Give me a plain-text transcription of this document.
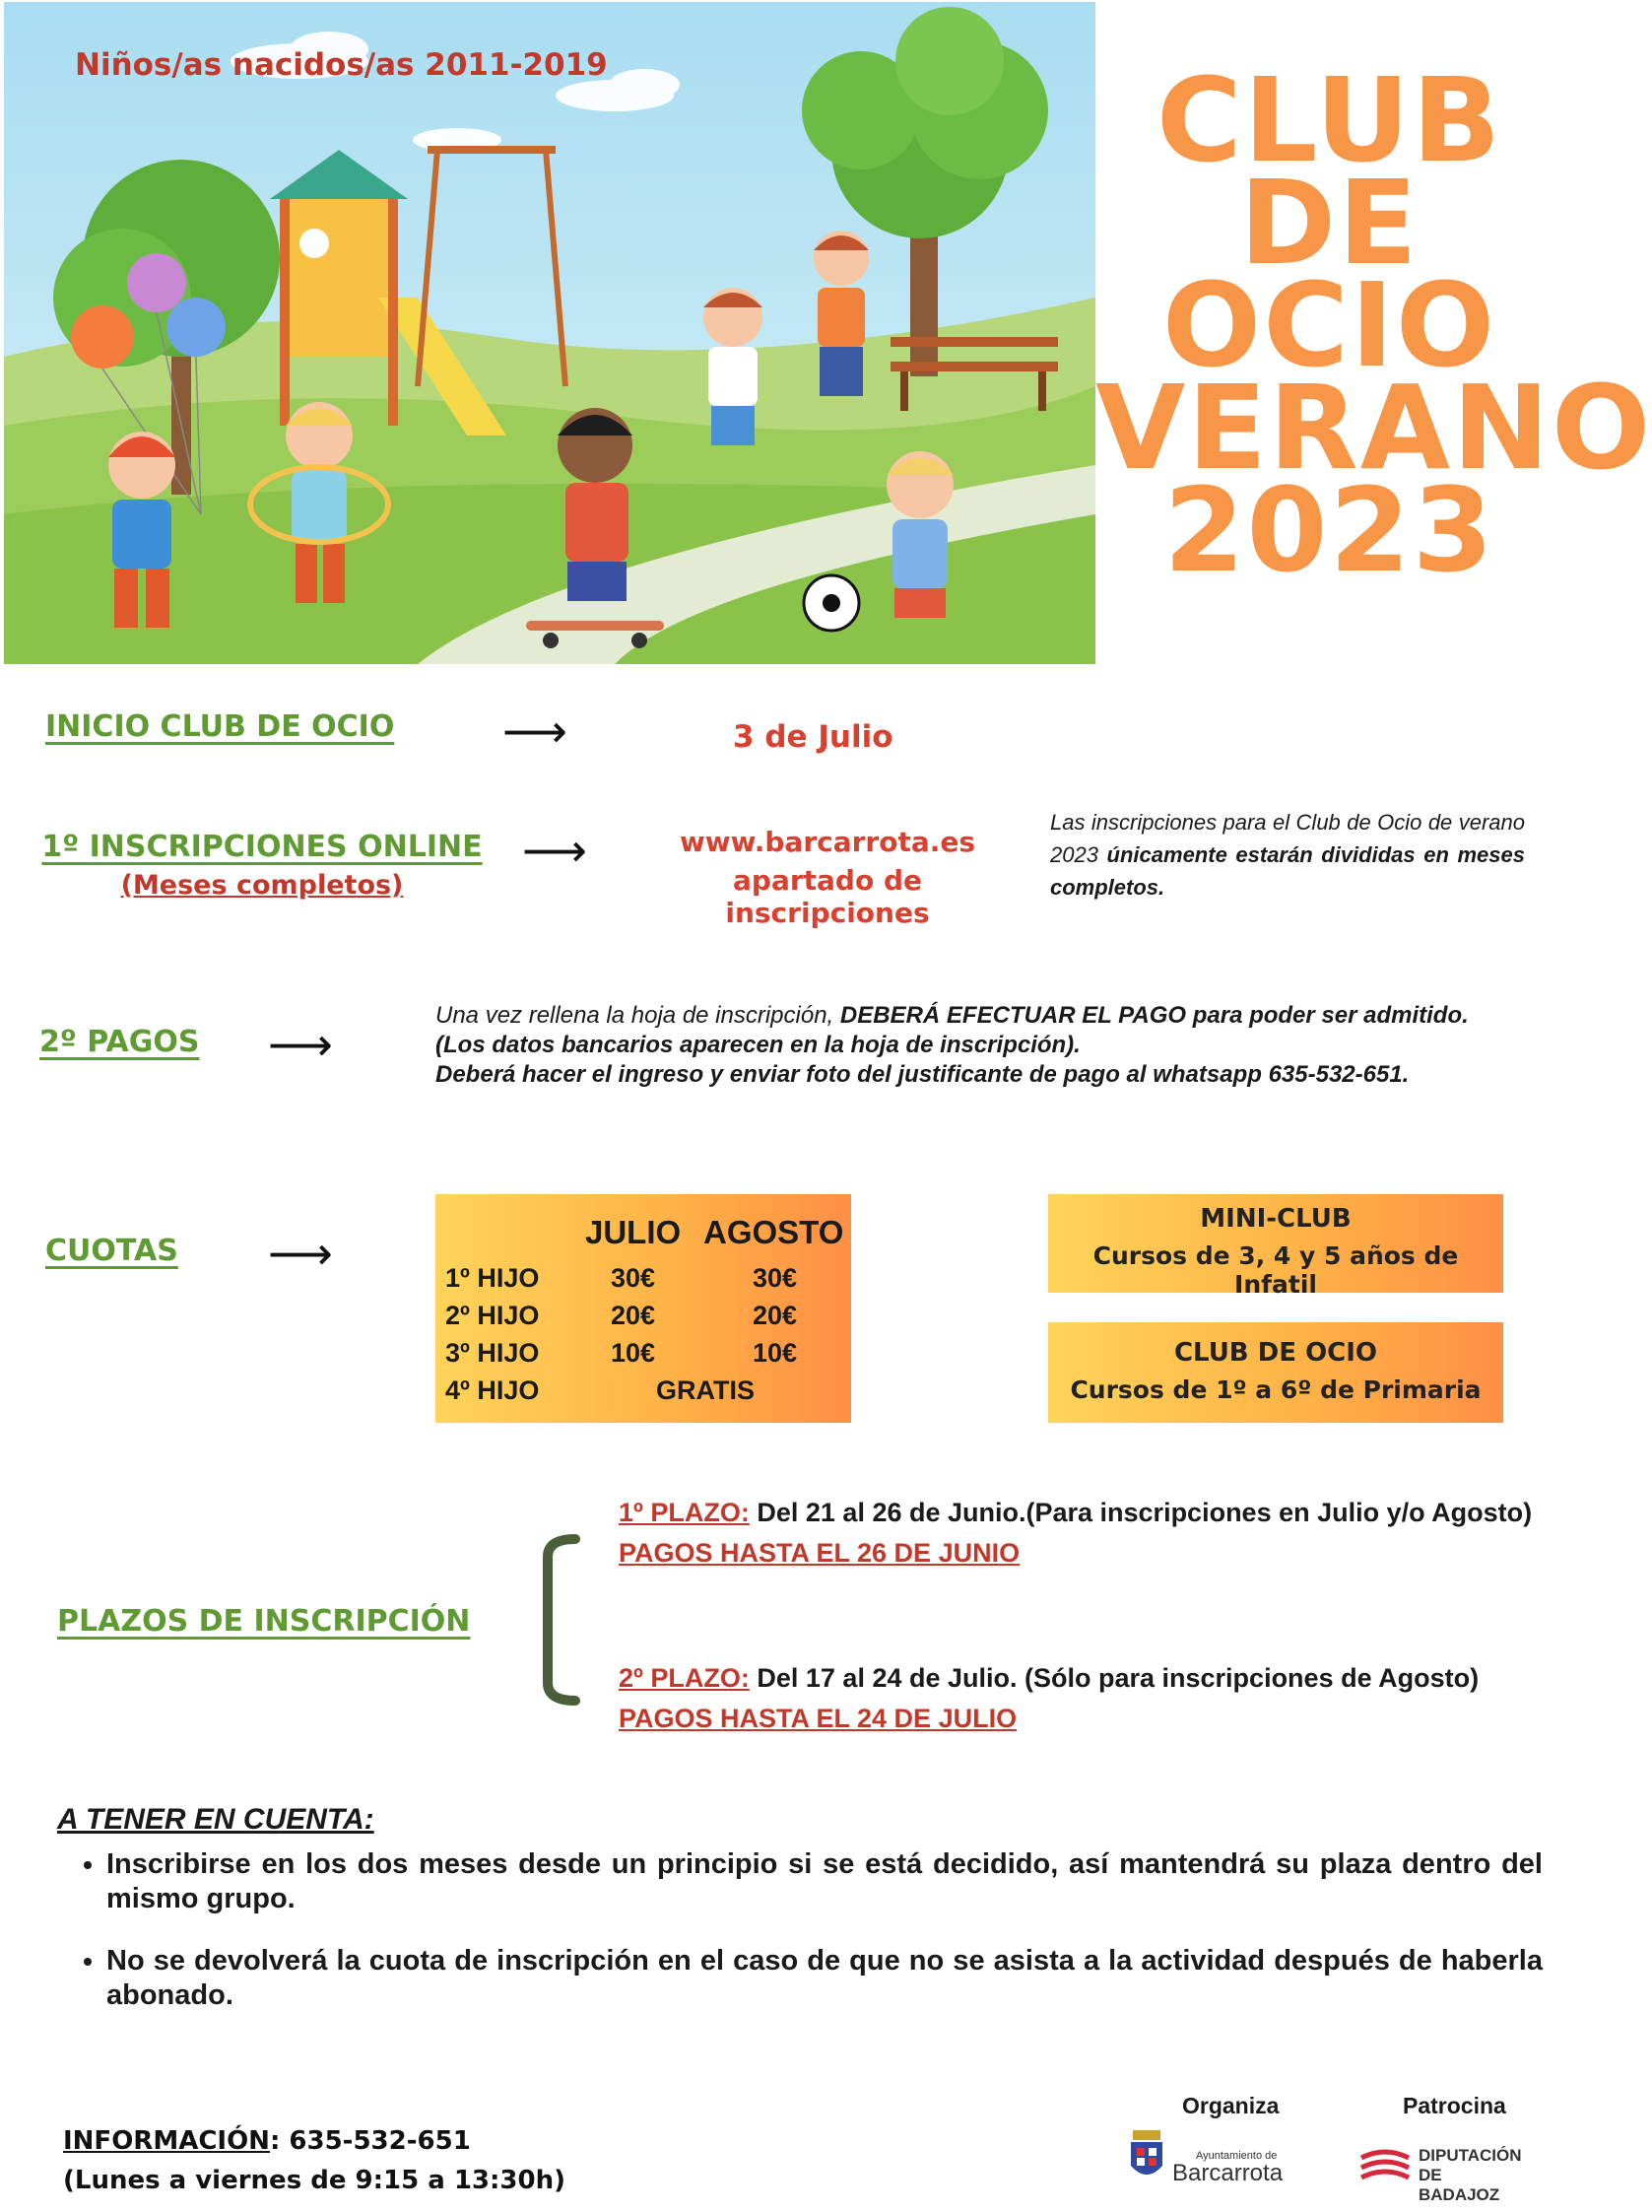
Niños/as nacidos/as 2011-2019	CLUB
DE
OCIO
VERANO
2023
INICIO CLUB DE OCIO ⟶	3 de Julio
1º INSCRIPCIONES ONLINE
(Meses completos)
⟶	www.barcarrota.es
apartado de inscripciones
Las inscripciones para el Club de Ocio de verano 2023 únicamente estarán divididas en meses completos.
2º PAGOS ⟶
Una vez rellena la hoja de inscripción, DEBERÁ EFECTUAR EL PAGO para poder ser admitido.
(Los datos bancarios aparecen en la hoja de inscripción).
Deberá hacer el ingreso y enviar foto del justificante de pago al whatsapp 635-532-651.
CUOTAS ⟶	JULIO AGOSTO
1º HIJO	30€	30€
2º HIJO	20€	20€
3º HIJO	10€	10€
4º HIJO	GRATIS
MINI-CLUB
Cursos de 3, 4 y 5 años de Infatil
CLUB DE OCIO
Cursos de 1º a 6º de Primaria
PLAZOS DE INSCRIPCIÓN
1º PLAZO: Del 21 al 26 de Junio.(Para inscripciones en Julio y/o Agosto)
PAGOS HASTA EL 26 DE JUNIO
2º PLAZO: Del 17 al 24 de Julio. (Sólo para inscripciones de Agosto)
PAGOS HASTA EL 24 DE JULIO
A TENER EN CUENTA:
• Inscribirse en los dos meses desde un principio si se está decidido, así mantendrá su plaza dentro del mismo grupo.
• No se devolverá la cuota de inscripción en el caso de que no se asista a la actividad después de haberla abonado.
INFORMACIÓN: 635-532-651
(Lunes a viernes de 9:15 a 13:30h)
Organiza	Patrocina
Ayuntamiento de
Barcarrota
DIPUTACIÓN
DE BADAJOZ
